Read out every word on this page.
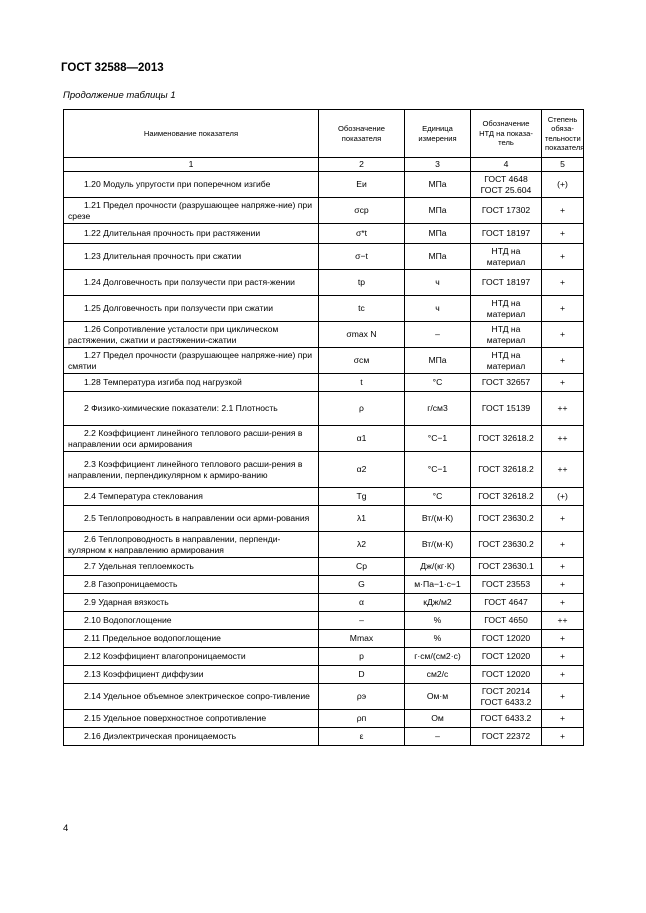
ГОСТ 32588—2013
Продолжение таблицы 1
Наименование показателя	Обозначение показателя	Единица измерения	Обозначение НТД на показа-тель	Степень обяза-тельности показателя
1	2	3	4	5
1.20 Модуль упругости при поперечном изгибе	Еи	МПа	ГОСТ 4648 ГОСТ 25.604	(+)
1.21 Предел прочности (разрушающее напряже-ние) при срезе	σср	МПа	ГОСТ 17302	+
1.22 Длительная прочность при растяжении	σ*t	МПа	ГОСТ 18197	+
1.23 Длительная прочность при сжатии	σ−t	МПа	НТД на материал	+
1.24 Долговечность при ползучести при растя-жении	tp	ч	ГОСТ 18197	+
1.25 Долговечность при ползучести при сжатии	tc	ч	НТД на материал	+
1.26 Сопротивление усталости при циклическом растяжении, сжатии и растяжении-сжатии	σmax N	–	НТД на материал	+
1.27 Предел прочности (разрушающее напряже-ние) при смятии	σсм	МПа	НТД на материал	+
1.28 Температура изгиба под нагрузкой	t	°С	ГОСТ 32657	+
2 Физико-химические показатели: 2.1 Плотность	ρ	г/см3	ГОСТ 15139	++
2.2 Коэффициент линейного теплового расши-рения в направлении оси армирования	α1	°С−1	ГОСТ 32618.2	++
2.3 Коэффициент линейного теплового расши-рения в направлении, перпендикулярном к армиро-ванию	α2	°С−1	ГОСТ 32618.2	++
2.4 Температура стеклования	Tg	°С	ГОСТ 32618.2	(+)
2.5 Теплопроводность в направлении оси арми-рования	λ1	Вт/(м·К)	ГОСТ 23630.2	+
2.6 Теплопроводность в направлении, перпенди-кулярном к направлению армирования	λ2	Вт/(м·К)	ГОСТ 23630.2	+
2.7 Удельная теплоемкость	Cp	Дж/(кг·К)	ГОСТ 23630.1	+
2.8 Газопроницаемость	G	м·Па−1·с−1	ГОСТ 23553	+
2.9 Ударная вязкость	α	кДж/м2	ГОСТ 4647	+
2.10 Водопоглощение	–	%	ГОСТ 4650	++
2.11 Предельное водопоглощение	Mmax	%	ГОСТ 12020	+
2.12 Коэффициент влагопроницаемости	р	г·см/(см2·с)	ГОСТ 12020	+
2.13 Коэффициент диффузии	D	см2/с	ГОСТ 12020	+
2.14 Удельное объемное электрическое сопро-тивление	ρэ	Ом·м	ГОСТ 20214 ГОСТ 6433.2	+
2.15 Удельное поверхностное сопротивление	ρп	Ом	ГОСТ 6433.2	+
2.16 Диэлектрическая проницаемость	ε	–	ГОСТ 22372	+
4
